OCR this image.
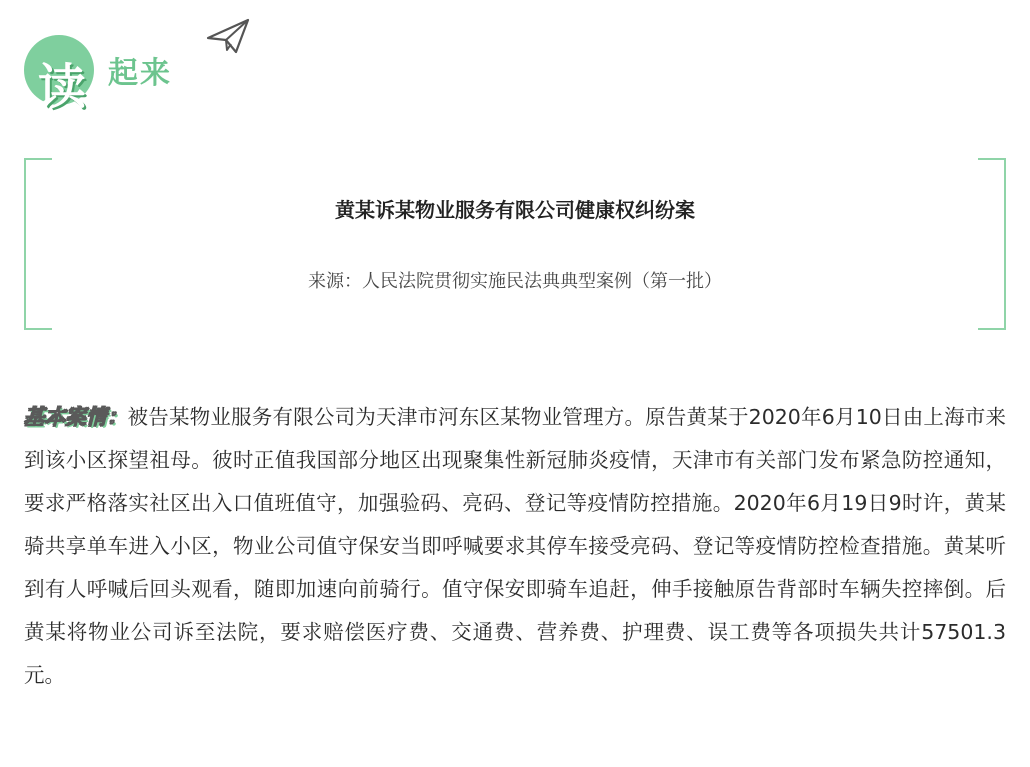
读 起来
黄某诉某物业服务有限公司健康权纠纷案
来源：人民法院贯彻实施民法典典型案例（第一批）
基本案情：被告某物业服务有限公司为天津市河东区某物业管理方。原告黄某于2020年6月10日由上海市来到该小区探望祖母。彼时正值我国部分地区出现聚集性新冠肺炎疫情，天津市有关部门发布紧急防控通知，要求严格落实社区出入口值班值守，加强验码、亮码、登记等疫情防控措施。2020年6月19日9时许，黄某骑共享单车进入小区，物业公司值守保安当即呼喊要求其停车接受亮码、登记等疫情防控检查措施。黄某听到有人呼喊后回头观看，随即加速向前骑行。值守保安即骑车追赶，伸手接触原告背部时车辆失控摔倒。后黄某将物业公司诉至法院，要求赔偿医疗费、交通费、营养费、护理费、误工费等各项损失共计57501.3元。
